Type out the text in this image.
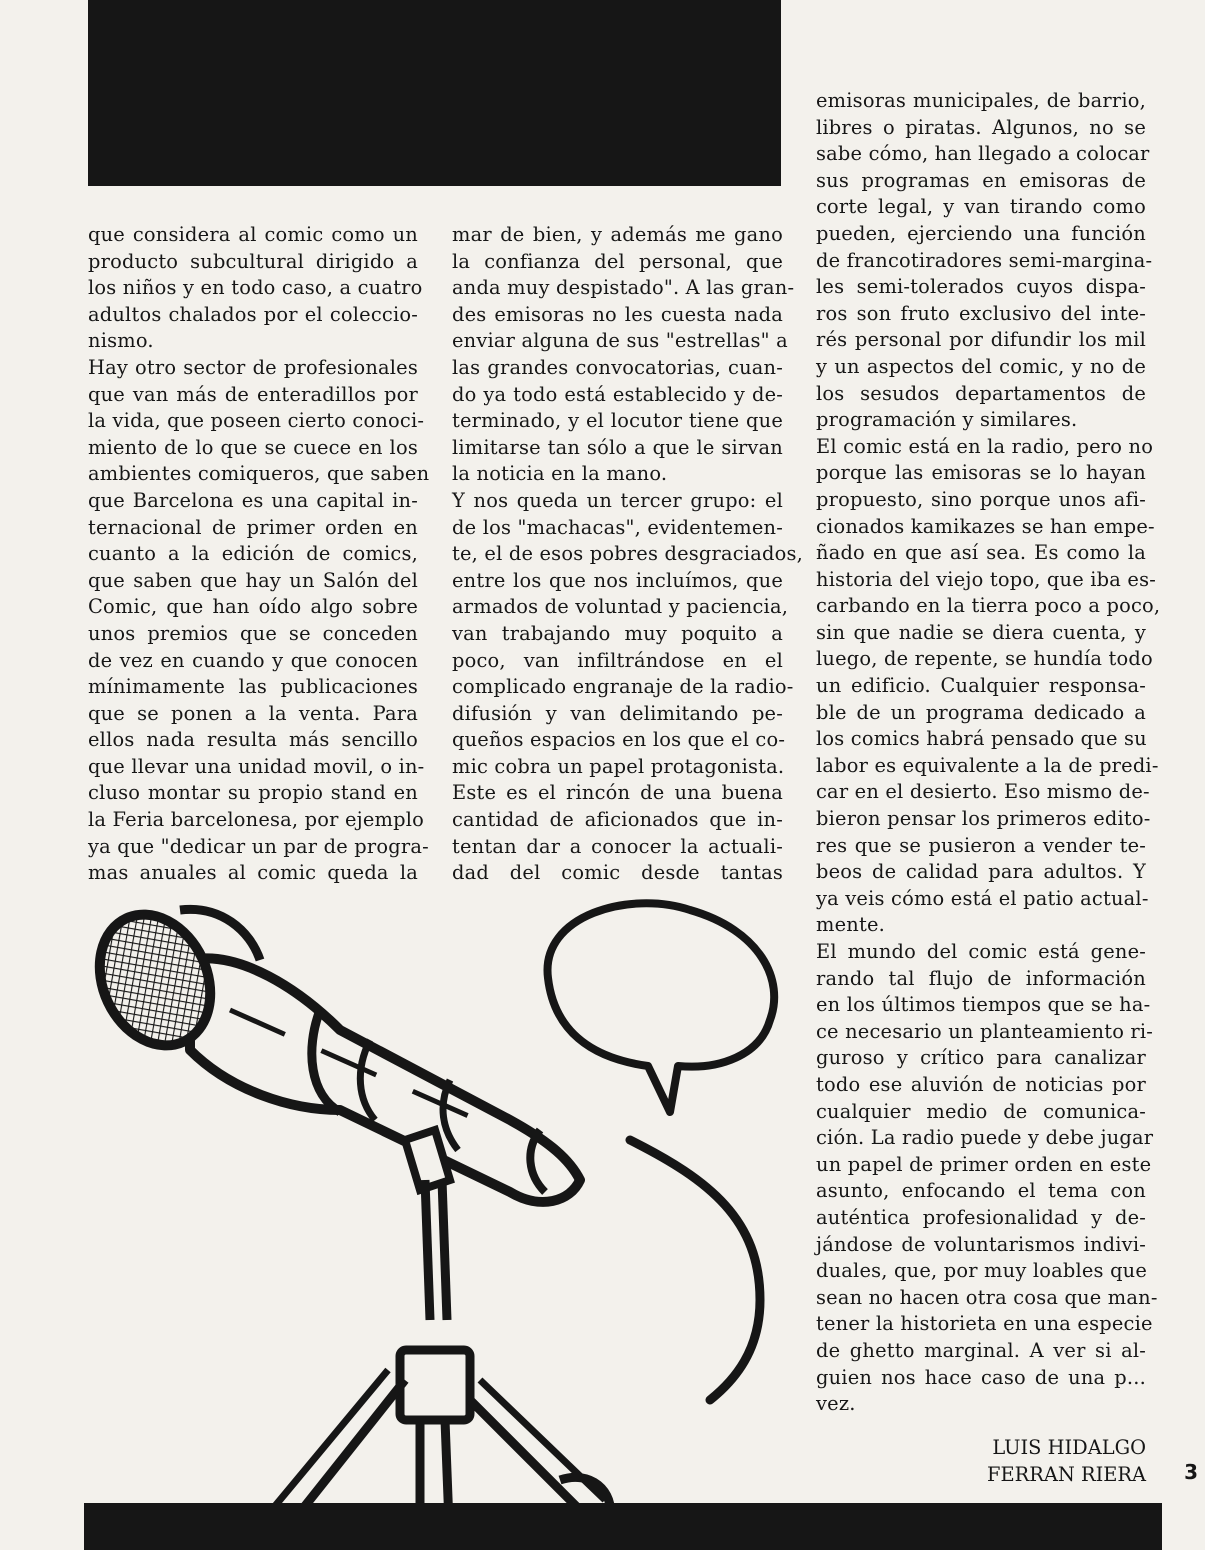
que considera al comic como un
producto subcultural dirigido a
los niños y en todo caso, a cuatro
adultos chalados por el coleccio-
nismo.
Hay otro sector de profesionales
que van más de enteradillos por
la vida, que poseen cierto conoci-
miento de lo que se cuece en los
ambientes comiqueros, que saben
que Barcelona es una capital in-
ternacional de primer orden en
cuanto a la edición de comics,
que saben que hay un Salón del
Comic, que han oído algo sobre
unos premios que se conceden
de vez en cuando y que conocen
mínimamente las publicaciones
que se ponen a la venta. Para
ellos nada resulta más sencillo
que llevar una unidad movil, o in-
cluso montar su propio stand en
la Feria barcelonesa, por ejemplo
ya que "dedicar un par de progra-
mas anuales al comic queda la
mar de bien, y además me gano
la confianza del personal, que
anda muy despistado". A las gran-
des emisoras no les cuesta nada
enviar alguna de sus "estrellas" a
las grandes convocatorias, cuan-
do ya todo está establecido y de-
terminado, y el locutor tiene que
limitarse tan sólo a que le sirvan
la noticia en la mano.
Y nos queda un tercer grupo: el
de los "machacas", evidentemen-
te, el de esos pobres desgraciados,
entre los que nos incluímos, que
armados de voluntad y paciencia,
van trabajando muy poquito a
poco, van infiltrándose en el
complicado engranaje de la radio-
difusión y van delimitando pe-
queños espacios en los que el co-
mic cobra un papel protagonista.
Este es el rincón de una buena
cantidad de aficionados que in-
tentan dar a conocer la actuali-
dad del comic desde tantas
emisoras municipales, de barrio,
libres o piratas. Algunos, no se
sabe cómo, han llegado a colocar
sus programas en emisoras de
corte legal, y van tirando como
pueden, ejerciendo una función
de francotiradores semi-margina-
les semi-tolerados cuyos dispa-
ros son fruto exclusivo del inte-
rés personal por difundir los mil
y un aspectos del comic, y no de
los sesudos departamentos de
programación y similares.
El comic está en la radio, pero no
porque las emisoras se lo hayan
propuesto, sino porque unos afi-
cionados kamikazes se han empe-
ñado en que así sea. Es como la
historia del viejo topo, que iba es-
carbando en la tierra poco a poco,
sin que nadie se diera cuenta, y
luego, de repente, se hundía todo
un edificio. Cualquier responsa-
ble de un programa dedicado a
los comics habrá pensado que su
labor es equivalente a la de predi-
car en el desierto. Eso mismo de-
bieron pensar los primeros edito-
res que se pusieron a vender te-
beos de calidad para adultos. Y
ya veis cómo está el patio actual-
mente.
El mundo del comic está gene-
rando tal flujo de información
en los últimos tiempos que se ha-
ce necesario un planteamiento ri-
guroso y crítico para canalizar
todo ese aluvión de noticias por
cualquier medio de comunica-
ción. La radio puede y debe jugar
un papel de primer orden en este
asunto, enfocando el tema con
auténtica profesionalidad y de-
jándose de voluntarismos indivi-
duales, que, por muy loables que
sean no hacen otra cosa que man-
tener la historieta en una especie
de ghetto marginal. A ver si al-
guien nos hace caso de una p...
vez.
LUIS HIDALGO
FERRAN RIERA	3
